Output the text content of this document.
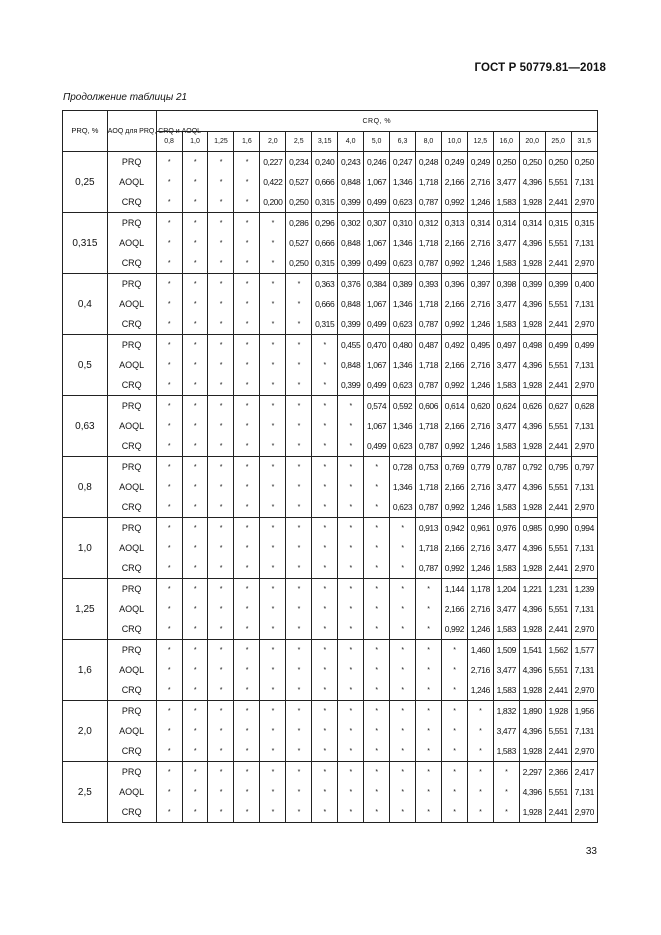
ГОСТ Р 50779.81—2018
Продолжение таблицы 21
PRQ, %	AOQ для PRQ, CRQ и AOQL	CRQ, %																
		0,8	1,0	1,25	1,6	2,0	2,5	3,15	4,0	5,0	6,3	8,0	10,0	12,5	16,0	20,0	25,0	31,5
0,25	PRQ	*	*	*	*	0,227	0,234	0,240	0,243	0,246	0,247	0,248	0,249	0,249	0,250	0,250	0,250	0,250
	AOQL	*	*	*	*	0,422	0,527	0,666	0,848	1,067	1,346	1,718	2,166	2,716	3,477	4,396	5,551	7,131
	CRQ	*	*	*	*	0,200	0,250	0,315	0,399	0,499	0,623	0,787	0,992	1,246	1,583	1,928	2,441	2,970
0,315	PRQ	*	*	*	*	*	0,286	0,296	0,302	0,307	0,310	0,312	0,313	0,314	0,314	0,314	0,315	0,315
	AOQL	*	*	*	*	*	0,527	0,666	0,848	1,067	1,346	1,718	2,166	2,716	3,477	4,396	5,551	7,131
	CRQ	*	*	*	*	*	0,250	0,315	0,399	0,499	0,623	0,787	0,992	1,246	1,583	1,928	2,441	2,970
0,4	PRQ	*	*	*	*	*	*	0,363	0,376	0,384	0,389	0,393	0,396	0,397	0,398	0,399	0,399	0,400
	AOQL	*	*	*	*	*	*	0,666	0,848	1,067	1,346	1,718	2,166	2,716	3,477	4,396	5,551	7,131
	CRQ	*	*	*	*	*	*	0,315	0,399	0,499	0,623	0,787	0,992	1,246	1,583	1,928	2,441	2,970
0,5	PRQ	*	*	*	*	*	*	*	0,455	0,470	0,480	0,487	0,492	0,495	0,497	0,498	0,499	0,499
	AOQL	*	*	*	*	*	*	*	0,848	1,067	1,346	1,718	2,166	2,716	3,477	4,396	5,551	7,131
	CRQ	*	*	*	*	*	*	*	0,399	0,499	0,623	0,787	0,992	1,246	1,583	1,928	2,441	2,970
0,63	PRQ	*	*	*	*	*	*	*	*	0,574	0,592	0,606	0,614	0,620	0,624	0,626	0,627	0,628
	AOQL	*	*	*	*	*	*	*	*	1,067	1,346	1,718	2,166	2,716	3,477	4,396	5,551	7,131
	CRQ	*	*	*	*	*	*	*	*	0,499	0,623	0,787	0,992	1,246	1,583	1,928	2,441	2,970
0,8	PRQ	*	*	*	*	*	*	*	*	*	0,728	0,753	0,769	0,779	0,787	0,792	0,795	0,797
	AOQL	*	*	*	*	*	*	*	*	*	1,346	1,718	2,166	2,716	3,477	4,396	5,551	7,131
	CRQ	*	*	*	*	*	*	*	*	*	0,623	0,787	0,992	1,246	1,583	1,928	2,441	2,970
1,0	PRQ	*	*	*	*	*	*	*	*	*	*	0,913	0,942	0,961	0,976	0,985	0,990	0,994
	AOQL	*	*	*	*	*	*	*	*	*	*	1,718	2,166	2,716	3,477	4,396	5,551	7,131
	CRQ	*	*	*	*	*	*	*	*	*	*	0,787	0,992	1,246	1,583	1,928	2,441	2,970
1,25	PRQ	*	*	*	*	*	*	*	*	*	*	*	1,144	1,178	1,204	1,221	1,231	1,239
	AOQL	*	*	*	*	*	*	*	*	*	*	*	2,166	2,716	3,477	4,396	5,551	7,131
	CRQ	*	*	*	*	*	*	*	*	*	*	*	0,992	1,246	1,583	1,928	2,441	2,970
1,6	PRQ	*	*	*	*	*	*	*	*	*	*	*	*	1,460	1,509	1,541	1,562	1,577
	AOQL	*	*	*	*	*	*	*	*	*	*	*	*	2,716	3,477	4,396	5,551	7,131
	CRQ	*	*	*	*	*	*	*	*	*	*	*	*	1,246	1,583	1,928	2,441	2,970
2,0	PRQ	*	*	*	*	*	*	*	*	*	*	*	*	*	1,832	1,890	1,928	1,956
	AOQL	*	*	*	*	*	*	*	*	*	*	*	*	*	3,477	4,396	5,551	7,131
	CRQ	*	*	*	*	*	*	*	*	*	*	*	*	*	1,583	1,928	2,441	2,970
2,5	PRQ	*	*	*	*	*	*	*	*	*	*	*	*	*	*	2,297	2,366	2,417
	AOQL	*	*	*	*	*	*	*	*	*	*	*	*	*	*	4,396	5,551	7,131
	CRQ	*	*	*	*	*	*	*	*	*	*	*	*	*	*	1,928	2,441	2,970
33
